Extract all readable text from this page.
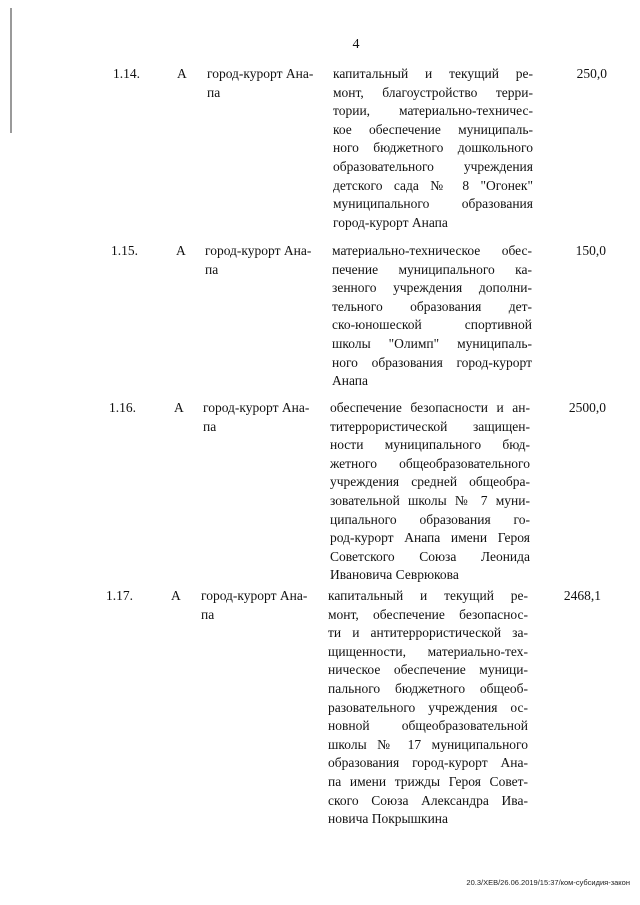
4
1.14.	А город-курорт Ана-
па
капитальный и текущий ре-
монт, благоустройство терри-
тории, материально-техничес-
кое обеспечение муниципаль-
ного бюджетного дошкольного
образовательного учреждения
детского сада № 8 "Огонек"
муниципального образования
город-курорт Анапа
250,0
1.15.	А город-курорт Ана-
па
материально-техническое обес-
печение муниципального ка-
зенного учреждения дополни-
тельного образования дет-
ско-юношеской спортивной
школы "Олимп" муниципаль-
ного образования город-курорт
Анапа
150,0
1.16.	А город-курорт Ана-
па
обеспечение безопасности и ан-
титеррористической защищен-
ности муниципального бюд-
жетного общеобразовательного
учреждения средней общеобра-
зовательной школы № 7 муни-
ципального образования го-
род-курорт Анапа имени Героя
Советского Союза Леонида
Ивановича Севрюкова
2500,0
1.17.	А город-курорт Ана-
па
капитальный и текущий ре-
монт, обеспечение безопаснос-
ти и антитеррористической за-
щищенности, материально-тех-
ническое обеспечение муници-
пального бюджетного общеоб-
разовательного учреждения ос-
новной общеобразовательной
школы № 17 муниципального
образования город-курорт Ана-
па имени трижды Героя Совет-
ского Союза Александра Ива-
новича Покрышкина
2468,1
20.3/XEB/26.06.2019/15:37/ком-субсидия-закон
